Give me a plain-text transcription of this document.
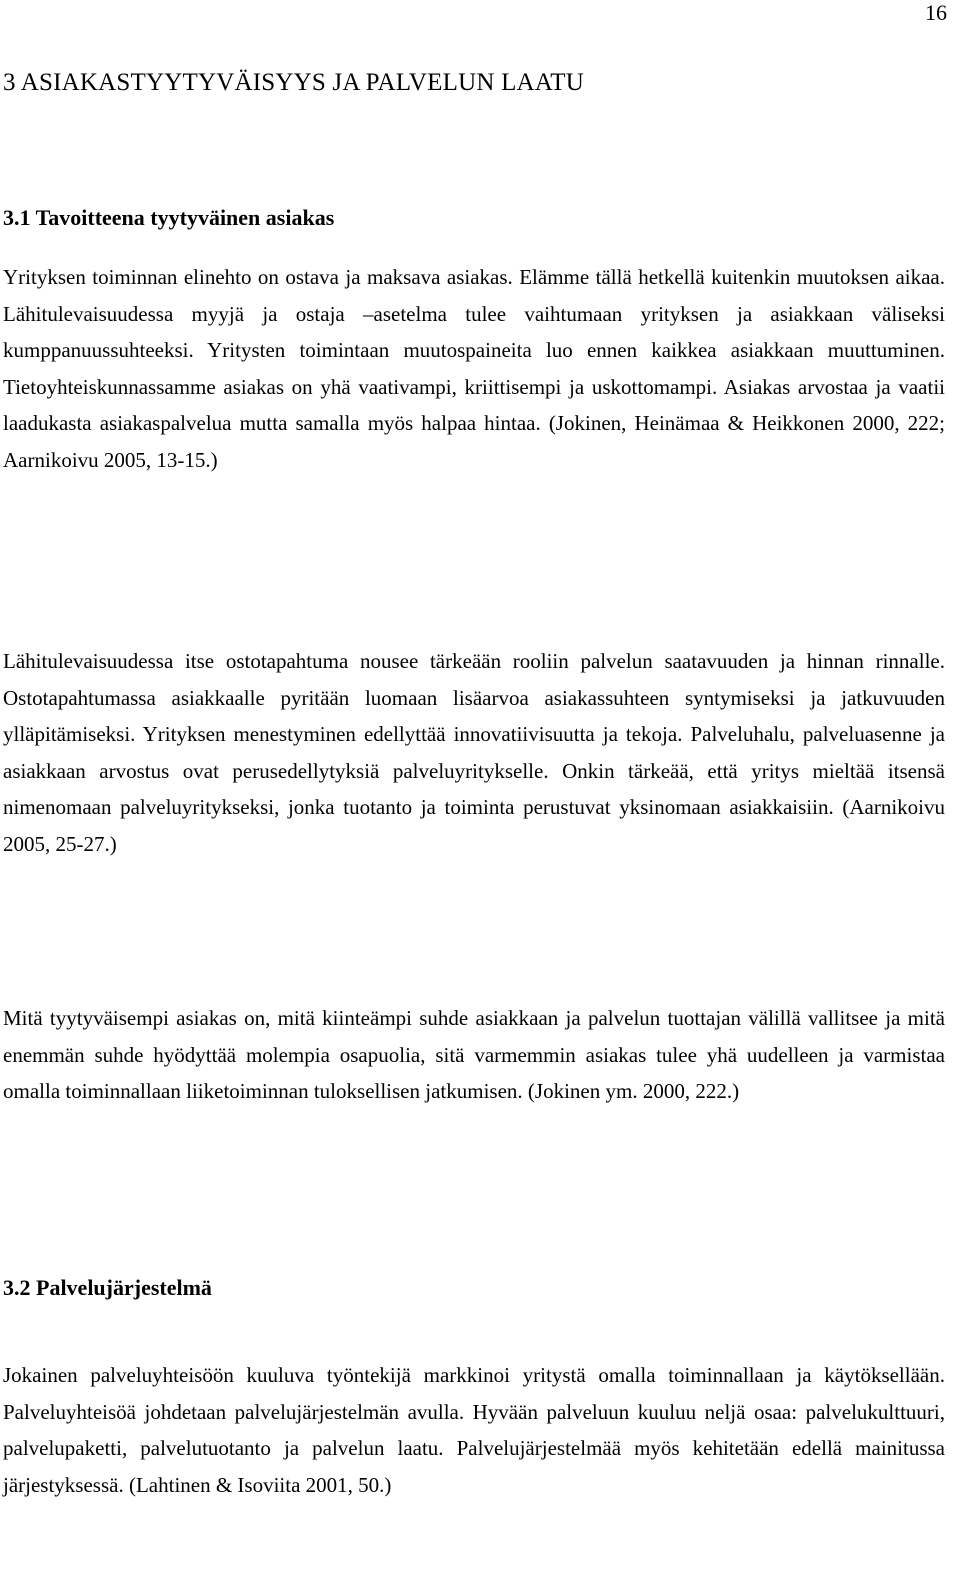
16
3 ASIAKASTYYTYVÄISYYS JA PALVELUN LAATU
3.1 Tavoitteena tyytyväinen asiakas

Yrityksen toiminnan elinehto on ostava ja maksava asiakas. Elämme tällä hetkellä kuitenkin muutoksen aikaa. Lähitulevaisuudessa myyjä ja ostaja –asetelma tulee vaihtumaan yrityksen ja asiakkaan väliseksi kumppanuussuhteeksi. Yritysten toimintaan muutospaineita luo ennen kaikkea asiakkaan muuttuminen. Tietoyhteiskunnassamme asiakas on yhä vaativampi, kriittisempi ja uskottomampi. Asiakas arvostaa ja vaatii laadukasta asiakaspalvelua mutta samalla myös halpaa hintaa. (Jokinen, Heinämaa & Heikkonen 2000, 222; Aarnikoivu 2005, 13-15.)

Lähitulevaisuudessa itse ostotapahtuma nousee tärkeään rooliin palvelun saatavuuden ja hinnan rinnalle. Ostotapahtumassa asiakkaalle pyritään luomaan lisäarvoa asiakassuhteen syntymiseksi ja jatkuvuuden ylläpitämiseksi. Yrityksen menestyminen edellyttää innovatiivisuutta ja tekoja. Palveluhalu, palveluasenne ja asiakkaan arvostus ovat perusedellytyksiä palveluyritykselle. Onkin tärkeää, että yritys mieltää itsensä nimenomaan palveluyritykseksi, jonka tuotanto ja toiminta perustuvat yksinomaan asiakkaisiin. (Aarnikoivu 2005, 25-27.)

Mitä tyytyväisempi asiakas on, mitä kiinteämpi suhde asiakkaan ja palvelun tuottajan välillä vallitsee ja mitä enemmän suhde hyödyttää molempia osapuolia, sitä varmemmin asiakas tulee yhä uudelleen ja varmistaa omalla toiminnallaan liiketoiminnan tuloksellisen jatkumisen. (Jokinen ym. 2000, 222.)

3.2 Palvelujärjestelmä

Jokainen palveluyhteisöön kuuluva työntekijä markkinoi yritystä omalla toiminnallaan ja käytöksellään. Palveluyhteisöä johdetaan palvelujärjestelmän avulla. Hyvään palveluun kuuluu neljä osaa: palvelukulttuuri, palvelupaketti, palvelutuotanto ja palvelun laatu. Palvelujärjestelmää myös kehitetään edellä mainitussa järjestyksessä. (Lahtinen & Isoviita 2001, 50.)
